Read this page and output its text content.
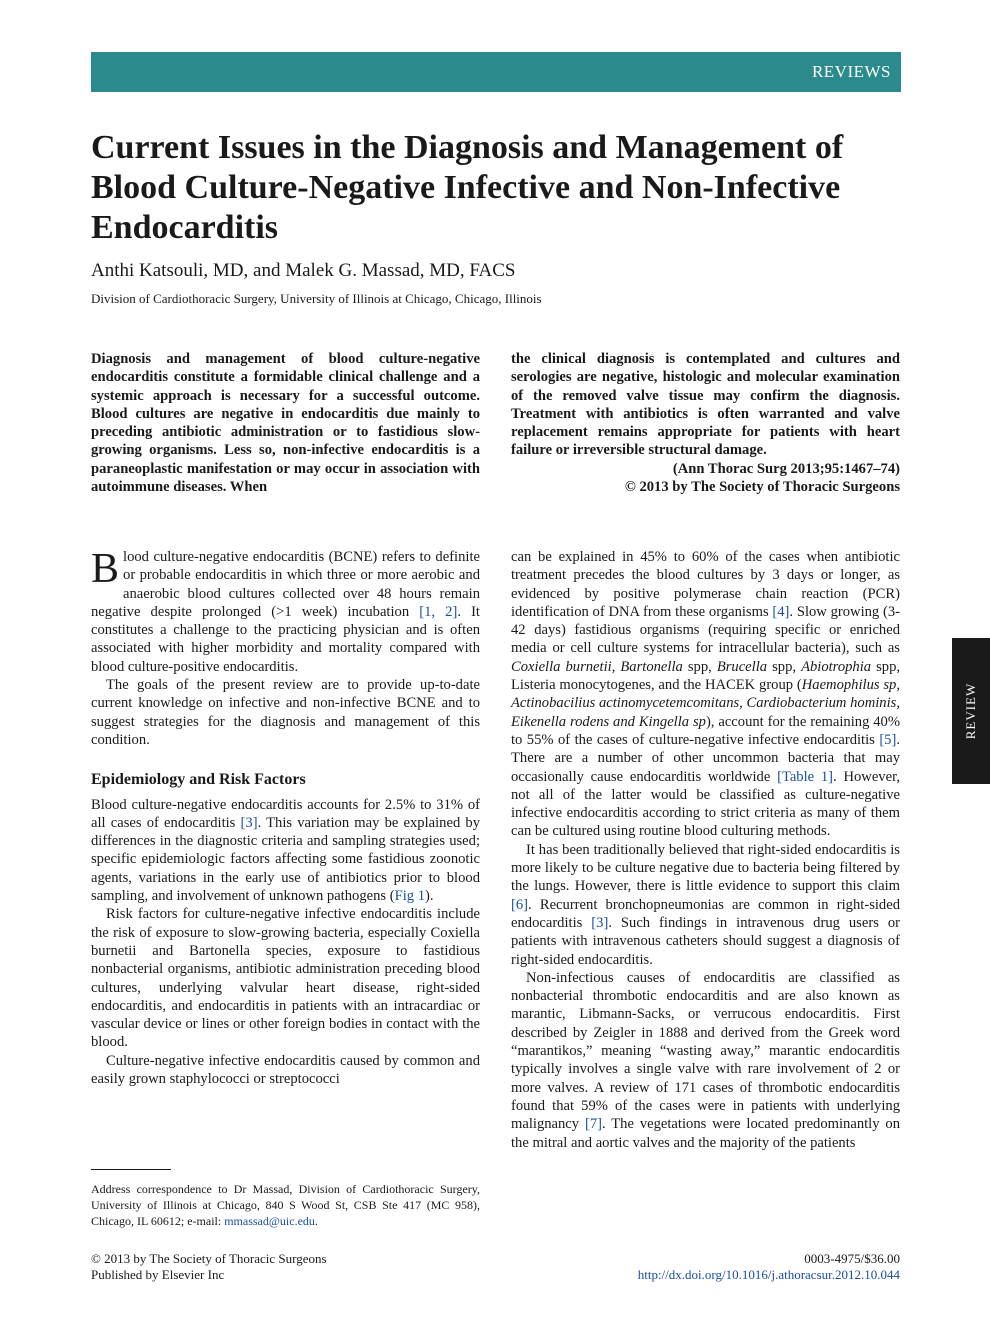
REVIEWS
REVIEW
Current Issues in the Diagnosis and Management of Blood Culture-Negative Infective and Non-Infective Endocarditis
Anthi Katsouli, MD, and Malek G. Massad, MD, FACS
Division of Cardiothoracic Surgery, University of Illinois at Chicago, Chicago, Illinois

Diagnosis and management of blood culture-negative endocarditis constitute a formidable clinical challenge and a systemic approach is necessary for a successful outcome. Blood cultures are negative in endocarditis due mainly to preceding antibiotic administration or to fastidious slow-growing organisms. Less so, non-infective endocarditis is a paraneoplastic manifestation or may occur in association with autoimmune diseases. When

the clinical diagnosis is contemplated and cultures and serologies are negative, histologic and molecular examination of the removed valve tissue may confirm the diagnosis. Treatment with antibiotics is often warranted and valve replacement remains appropriate for patients with heart failure or irreversible structural damage.

(Ann Thorac Surg 2013;95:1467–74)

© 2013 by The Society of Thoracic Surgeons

Blood culture-negative endocarditis (BCNE) refers to definite or probable endocarditis in which three or more aerobic and anaerobic blood cultures collected over 48 hours remain negative despite prolonged (>1 week) incubation [1, 2]. It constitutes a challenge to the practicing physician and is often associated with higher morbidity and mortality compared with blood culture-positive endocarditis.

The goals of the present review are to provide up-to-date current knowledge on infective and non-infective BCNE and to suggest strategies for the diagnosis and management of this condition.

Epidemiology and Risk Factors

Blood culture-negative endocarditis accounts for 2.5% to 31% of all cases of endocarditis [3]. This variation may be explained by differences in the diagnostic criteria and sampling strategies used; specific epidemiologic factors affecting some fastidious zoonotic agents, variations in the early use of antibiotics prior to blood sampling, and involvement of unknown pathogens (Fig 1).

Risk factors for culture-negative infective endocarditis include the risk of exposure to slow-growing bacteria, especially Coxiella burnetii and Bartonella species, exposure to fastidious nonbacterial organisms, antibiotic administration preceding blood cultures, underlying valvular heart disease, right-sided endocarditis, and endocarditis in patients with an intracardiac or vascular device or lines or other foreign bodies in contact with the blood.

Culture-negative infective endocarditis caused by common and easily grown staphylococci or streptococci

can be explained in 45% to 60% of the cases when antibiotic treatment precedes the blood cultures by 3 days or longer, as evidenced by positive polymerase chain reaction (PCR) identification of DNA from these organisms [4]. Slow growing (3-42 days) fastidious organisms (requiring specific or enriched media or cell culture systems for intracellular bacteria), such as Coxiella burnetii, Bartonella spp, Brucella spp, Abiotrophia spp, Listeria monocytogenes, and the HACEK group (Haemophilus sp, Actinobacilius actinomycetemcomitans, Cardiobacterium hominis, Eikenella rodens and Kingella sp), account for the remaining 40% to 55% of the cases of culture-negative infective endocarditis [5]. There are a number of other uncommon bacteria that may occasionally cause endocarditis worldwide [Table 1]. However, not all of the latter would be classified as culture-negative infective endocarditis according to strict criteria as many of them can be cultured using routine blood culturing methods.

It has been traditionally believed that right-sided endocarditis is more likely to be culture negative due to bacteria being filtered by the lungs. However, there is little evidence to support this claim [6]. Recurrent bronchopneumonias are common in right-sided endocarditis [3]. Such findings in intravenous drug users or patients with intravenous catheters should suggest a diagnosis of right-sided endocarditis.

Non-infectious causes of endocarditis are classified as nonbacterial thrombotic endocarditis and are also known as marantic, Libmann-Sacks, or verrucous endocarditis. First described by Zeigler in 1888 and derived from the Greek word “marantikos,” meaning “wasting away,” marantic endocarditis typically involves a single valve with rare involvement of 2 or more valves. A review of 171 cases of thrombotic endocarditis found that 59% of the cases were in patients with underlying malignancy [7]. The vegetations were located predominantly on the mitral and aortic valves and the majority of the patients

Address correspondence to Dr Massad, Division of Cardiothoracic Surgery, University of Illinois at Chicago, 840 S Wood St, CSB Ste 417 (MC 958), Chicago, IL 60612; e-mail: mmassad@uic.edu.
© 2013 by The Society of Thoracic Surgeons
Published by Elsevier Inc
0003-4975/$36.00
http://dx.doi.org/10.1016/j.athoracsur.2012.10.044
